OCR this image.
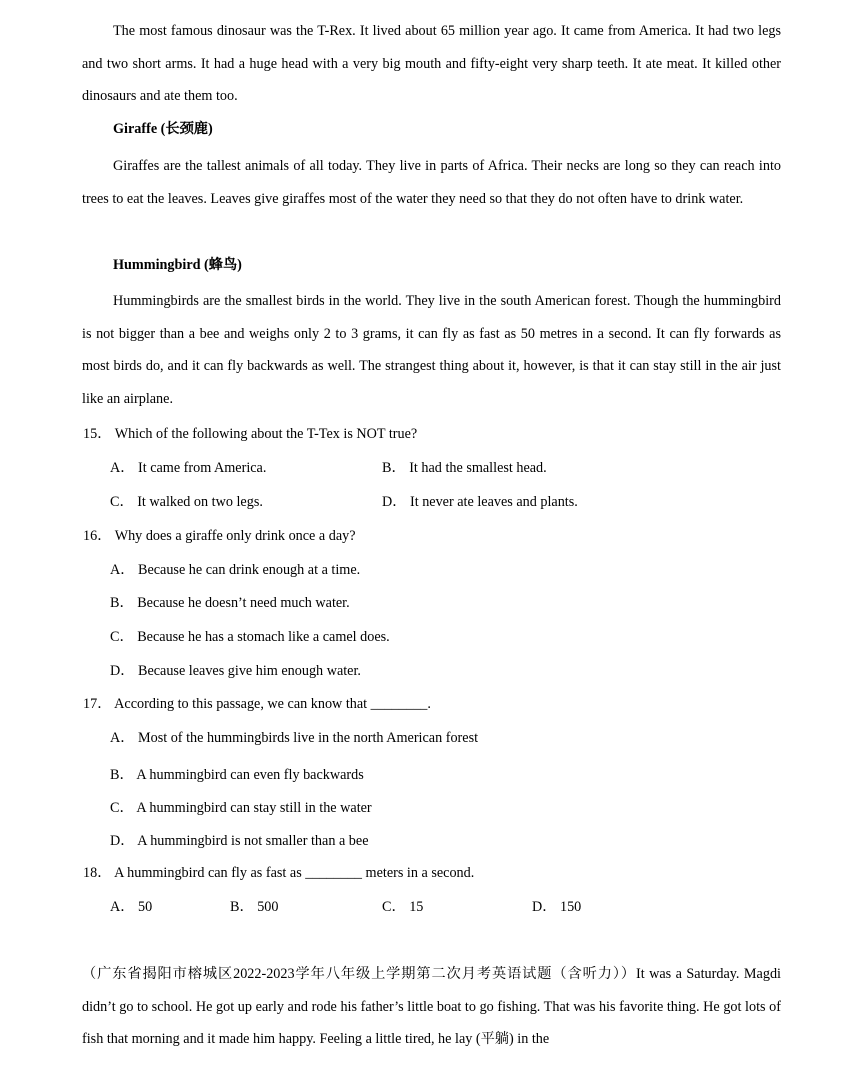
The most famous dinosaur was the T-Rex. It lived about 65 million year ago. It came from America. It had two legs and two short arms. It had a huge head with a very big mouth and fifty-eight very sharp teeth. It ate meat. It killed other dinosaurs and ate them too.

Giraffe (长颈鹿)

Giraffes are the tallest animals of all today. They live in parts of Africa. Their necks are long so they can reach into trees to eat the leaves. Leaves give giraffes most of the water they need so that they do not often have to drink water.

Hummingbird (蜂鸟)

Hummingbirds are the smallest birds in the world. They live in the south American forest. Though the hummingbird is not bigger than a bee and weighs only 2 to 3 grams, it can fly as fast as 50 metres in a second. It can fly forwards as most birds do, and it can fly backwards as well. The strangest thing about it, however, is that it can stay still in the air just like an airplane.

15． Which of the following about the T-Tex is NOT true?
A． It came from America.	B． It had the smallest head.
C． It walked on two legs.	D． It never ate leaves and plants.
16． Why does a giraffe only drink once a day?
A． Because he can drink enough at a time.
B． Because he doesn’t need much water.
C． Because he has a stomach like a camel does.
D． Because leaves give him enough water.
17． According to this passage, we can know that ________.
A． Most of the hummingbirds live in the north American forest
B． A hummingbird can even fly backwards
C． A hummingbird can stay still in the water
D． A hummingbird is not smaller than a bee
18． A hummingbird can fly as fast as ________ meters in a second.
A． 50	B． 500	C． 15	D． 150

（广东省揭阳市榕城区2022-2023学年八年级上学期第二次月考英语试题（含听力））It was a Saturday. Magdi didn’t go to school. He got up early and rode his father’s little boat to go fishing. That was his favorite thing. He got lots of fish that morning and it made him happy. Feeling a little tired, he lay (平躺) in the
